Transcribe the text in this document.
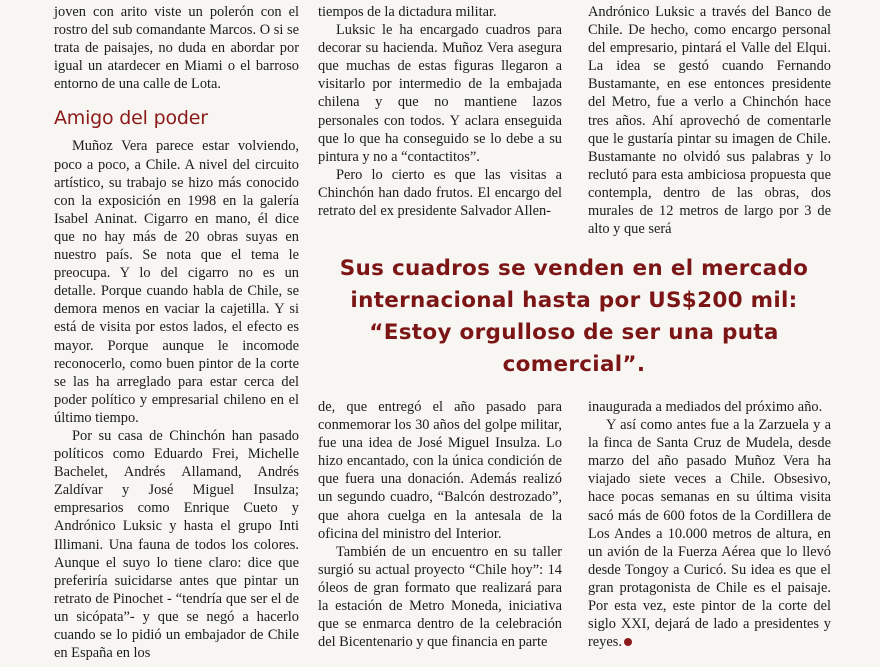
joven con arito viste un polerón con el rostro del sub comandante Marcos. O si se trata de paisajes, no duda en abordar por igual un atardecer en Miami o el barroso entorno de una calle de Lota.

Amigo del poder

Muñoz Vera parece estar volviendo, poco a poco, a Chile. A nivel del circuito artístico, su trabajo se hizo más conocido con la exposición en 1998 en la galería Isabel Aninat. Cigarro en mano, él dice que no hay más de 20 obras suyas en nuestro país. Se nota que el tema le preocupa. Y lo del cigarro no es un detalle. Porque cuando habla de Chile, se demora menos en vaciar la cajetilla. Y si está de visita por estos lados, el efecto es mayor. Porque aunque le incomode reconocerlo, como buen pintor de la corte se las ha arreglado para estar cerca del poder político y empresarial chileno en el último tiempo.

Por su casa de Chinchón han pasado políticos como Eduardo Frei, Michelle Bachelet, Andrés Allamand, Andrés Zaldívar y José Miguel Insulza; empresarios como Enrique Cueto y Andrónico Luksic y hasta el grupo Inti Illimani. Una fauna de todos los colores. Aunque el suyo lo tiene claro: dice que preferiría suicidarse antes que pintar un retrato de Pinochet - “tendría que ser el de un sicópata”- y que se negó a hacerlo cuando se lo pidió un embajador de Chile en España en los

tiempos de la dictadura militar.

Luksic le ha encargado cuadros para decorar su hacienda. Muñoz Vera asegura que muchas de estas figuras llegaron a visitarlo por intermedio de la embajada chilena y que no mantiene lazos personales con todos. Y aclara enseguida que lo que ha conseguido se lo debe a su pintura y no a “contactitos”.

Pero lo cierto es que las visitas a Chinchón han dado frutos. El encargo del retrato del ex presidente Salvador Allen-

Andrónico Luksic a través del Banco de Chile. De hecho, como encargo personal del empresario, pintará el Valle del Elqui. La idea se gestó cuando Fernando Bustamante, en ese entonces presidente del Metro, fue a verlo a Chinchón hace tres años. Ahí aprovechó de comentarle que le gustaría pintar su imagen de Chile. Bustamante no olvidó sus palabras y lo reclutó para esta ambiciosa propuesta que contempla, dentro de las obras, dos murales de 12 metros de largo por 3 de alto y que será

Sus cuadros se venden en el mercado internacional hasta por US$200 mil: “Estoy orgulloso de ser una puta comercial”.

de, que entregó el año pasado para conmemorar los 30 años del golpe militar, fue una idea de José Miguel Insulza. Lo hizo encantado, con la única condición de que fuera una donación. Además realizó un segundo cuadro, “Balcón destrozado”, que ahora cuelga en la antesala de la oficina del ministro del Interior.

También de un encuentro en su taller surgió su actual proyecto “Chile hoy”: 14 óleos de gran formato que realizará para la estación de Metro Moneda, iniciativa que se enmarca dentro de la celebración del Bicentenario y que financia en parte

inaugurada a mediados del próximo año.

Y así como antes fue a la Zarzuela y a la finca de Santa Cruz de Mudela, desde marzo del año pasado Muñoz Vera ha viajado siete veces a Chile. Obsesivo, hace pocas semanas en su última visita sacó más de 600 fotos de la Cordillera de Los Andes a 10.000 metros de altura, en un avión de la Fuerza Aérea que lo llevó desde Tongoy a Curicó. Su idea es que el gran protagonista de Chile es el paisaje. Por esta vez, este pintor de la corte del siglo XXI, dejará de lado a presidentes y reyes.
